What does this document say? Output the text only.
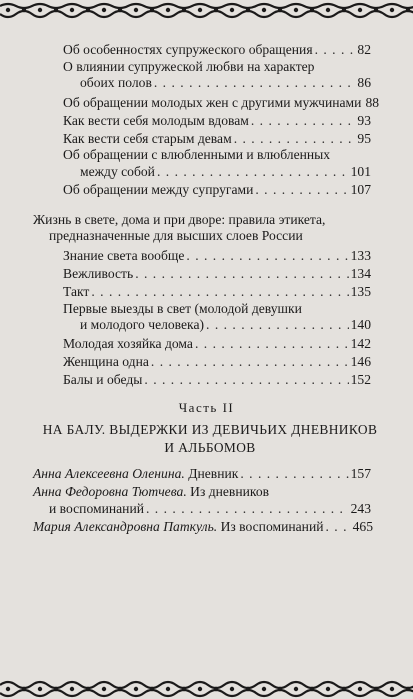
Об особенностях супружеского обращения . . .	82
О влиянии супружеской любви на характер
обоих полов . . .	86
Об обращении молодых жен с другими мужчинами 88
Как вести себя молодым вдовам . . .	93
Как вести себя старым девам . . .	95
Об обращении с влюбленными и влюбленных
между собой . . .	101
Об обращении между супругами . . .	107
Жизнь в свете, дома и при дворе: правила этикета,
предназначенные для высших слоев России
Знание света вообще . . .	133
Вежливость . . .	134
Такт . . .	135
Первые выезды в свет (молодой девушки
и молодого человека) . . .	140
Молодая хозяйка дома . . .	142
Женщина одна . . .	146
Балы и обеды . . .	152
Часть II
НА БАЛУ. ВЫДЕРЖКИ ИЗ ДЕВИЧЬИХ ДНЕВНИКОВ
И АЛЬБОМОВ
Анна Алексеевна Оленина. Дневник . . .	157
Анна Федоровна Тютчева. Из дневников
и воспоминаний . . .	243
Мария Александровна Паткуль. Из воспоминаний . . . 465
